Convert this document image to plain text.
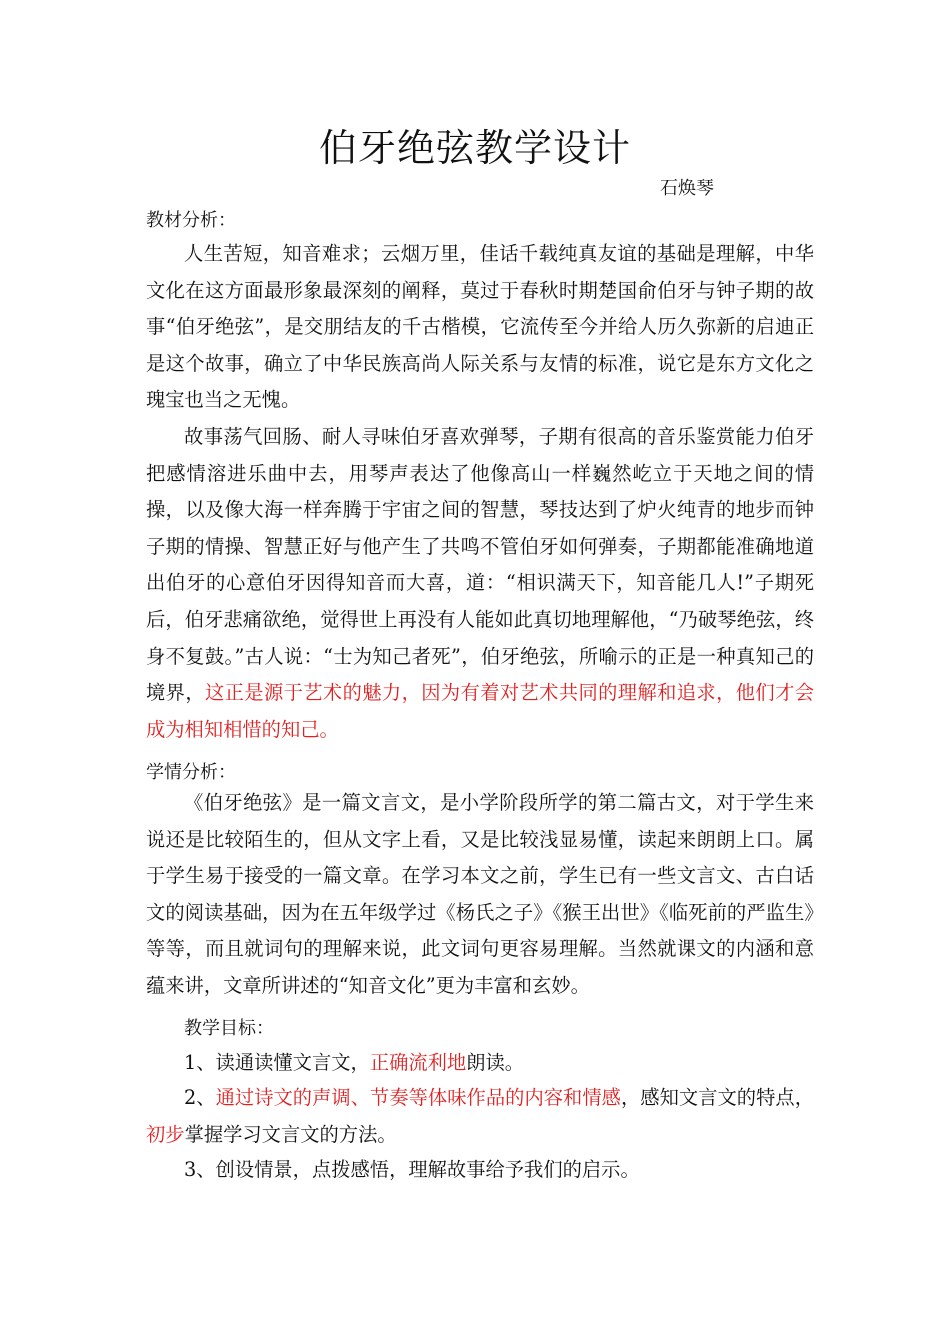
伯牙绝弦教学设计
石焕琴
教材分析：

人生苦短，知音难求；云烟万里，佳话千载纯真友谊的基础是理解，中华文化在这方面最形象最深刻的阐释，莫过于春秋时期楚国俞伯牙与钟子期的故事“伯牙绝弦”，是交朋结友的千古楷模，它流传至今并给人历久弥新的启迪正是这个故事，确立了中华民族高尚人际关系与友情的标准，说它是东方文化之瑰宝也当之无愧。

故事荡气回肠、耐人寻味伯牙喜欢弹琴，子期有很高的音乐鉴赏能力伯牙把感情溶进乐曲中去，用琴声表达了他像高山一样巍然屹立于天地之间的情操，以及像大海一样奔腾于宇宙之间的智慧，琴技达到了炉火纯青的地步而钟子期的情操、智慧正好与他产生了共鸣不管伯牙如何弹奏，子期都能准确地道出伯牙的心意伯牙因得知音而大喜，道：“相识满天下，知音能几人!”子期死后，伯牙悲痛欲绝，觉得世上再没有人能如此真切地理解他，“乃破琴绝弦，终身不复鼓。”古人说：“士为知己者死”，伯牙绝弦，所喻示的正是一种真知己的境界，这正是源于艺术的魅力，因为有着对艺术共同的理解和追求，他们才会成为相知相惜的知己。

学情分析：

《伯牙绝弦》是一篇文言文，是小学阶段所学的第二篇古文，对于学生来说还是比较陌生的，但从文字上看，又是比较浅显易懂，读起来朗朗上口。属于学生易于接受的一篇文章。在学习本文之前，学生已有一些文言文、古白话文的阅读基础，因为在五年级学过《杨氏之子》《猴王出世》《临死前的严监生》等等，而且就词句的理解来说，此文词句更容易理解。当然就课文的内涵和意蕴来讲，文章所讲述的“知音文化”更为丰富和玄妙。

教学目标：

1、读通读懂文言文，正确流利地朗读。

2、通过诗文的声调、节奏等体味作品的内容和情感，感知文言文的特点，初步掌握学习文言文的方法。

3、创设情景，点拨感悟，理解故事给予我们的启示。
